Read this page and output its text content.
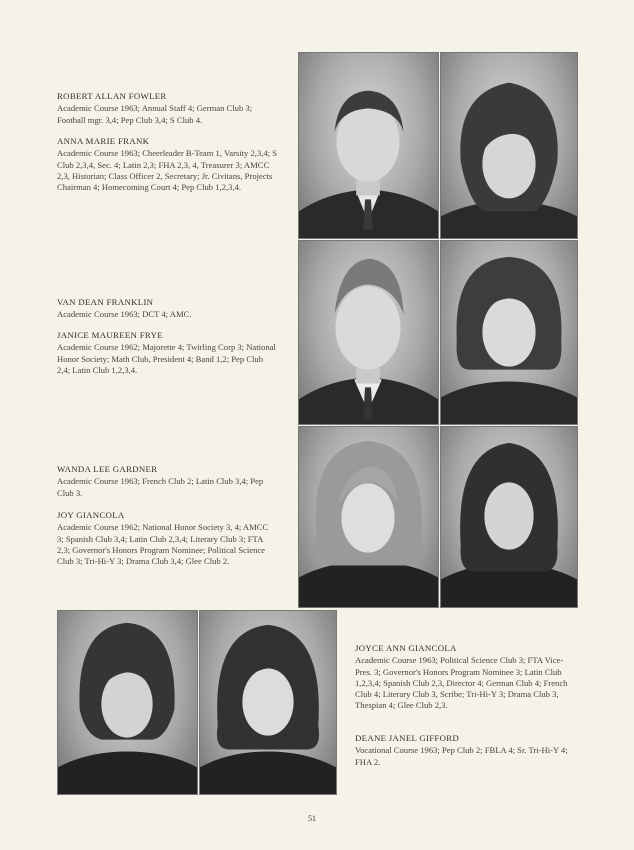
ROBERT ALLAN FOWLER
Academic Course 1963; Annual Staff 4; German Club 3; Football mgr. 3,4; Pep Club 3,4; S Club 4.
ANNA MARIE FRANK
Academic Course 1963; Cheerleader B-Team 1, Varsity 2,3,4; S Club 2,3,4, Sec. 4; Latin 2,3; FHA 2,3, 4, Treasurer 3; AMCC 2,3, Historian; Class Officer 2, Secretary; Jr. Civitans, Projects Chairman 4; Homecoming Court 4; Pep Club 1,2,3,4.
VAN DEAN FRANKLIN
Academic Course 1963; DCT 4; AMC.
JANICE MAUREEN FRYE
Academic Course 1962; Majorette 4; Twirling Corp 3; National Honor Society; Math Club, President 4; Band 1,2; Pep Club 2,4; Latin Club 1,2,3,4.
WANDA LEE GARDNER
Academic Course 1963; French Club 2; Latin Club 3,4; Pep Club 3.
JOY GIANCOLA
Academic Course 1962; National Honor Society 3, 4; AMCC 3; Spanish Club 3,4; Latin Club 2,3,4; Literary Club 3; FTA 2,3; Governor's Honors Program Nominee; Political Science Club 3; Tri-Hi-Y 3; Drama Club 3,4; Glee Club 2.
JOYCE ANN GIANCOLA
Academic Course 1963; Political Science Club 3; FTA Vice-Pres. 3; Governor's Honors Program Nominee 3; Latin Club 1,2,3,4; Spanish Club 2,3, Director 4; German Club 4; French Club 4; Literary Club 3, Scribe; Tri-Hi-Y 3; Drama Club 3, Thespian 4; Glee Club 2,3.
DEANE JANEL GIFFORD
Vocational Course 1963; Pep Club 2; FBLA 4; Sr. Tri-Hi-Y 4; FHA 2.
51
